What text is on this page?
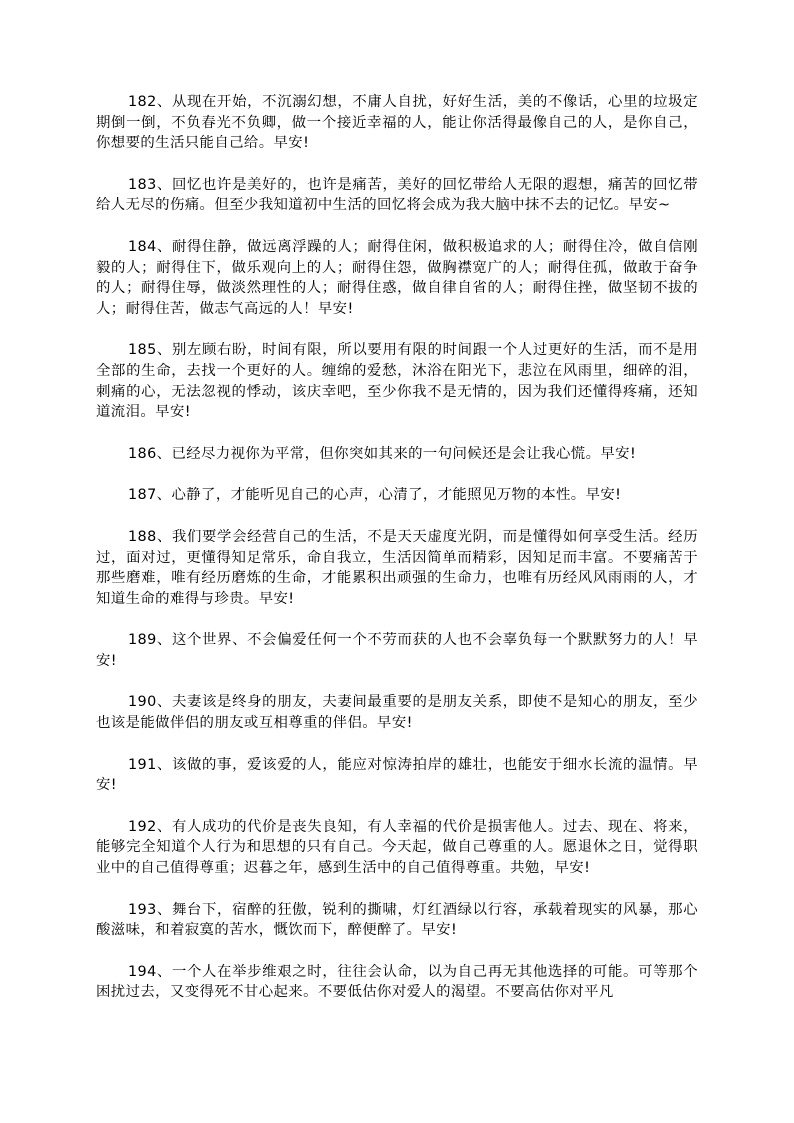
182、从现在开始，不沉溺幻想，不庸人自扰，好好生活，美的不像话，心里的垃圾定期倒一倒，不负春光不负卿，做一个接近幸福的人，能让你活得最像自己的人，是你自己，你想要的生活只能自己给。早安!

183、回忆也许是美好的，也许是痛苦，美好的回忆带给人无限的遐想，痛苦的回忆带给人无尽的伤痛。但至少我知道初中生活的回忆将会成为我大脑中抹不去的记忆。早安~

184、耐得住静，做远离浮躁的人；耐得住闲，做积极追求的人；耐得住冷，做自信刚毅的人；耐得住下，做乐观向上的人；耐得住怨，做胸襟宽广的人；耐得住孤，做敢于奋争的人；耐得住辱，做淡然理性的人；耐得住惑，做自律自省的人；耐得住挫，做坚韧不拔的人；耐得住苦，做志气高远的人！早安!

185、别左顾右盼，时间有限，所以要用有限的时间跟一个人过更好的生活，而不是用全部的生命，去找一个更好的人。缠绵的爱愁，沐浴在阳光下，悲泣在风雨里，细碎的泪，刺痛的心，无法忽视的悸动，该庆幸吧，至少你我不是无情的，因为我们还懂得疼痛，还知道流泪。早安!

186、已经尽力视你为平常，但你突如其来的一句问候还是会让我心慌。早安!

187、心静了，才能听见自己的心声，心清了，才能照见万物的本性。早安!

188、我们要学会经营自己的生活，不是天天虚度光阴，而是懂得如何享受生活。经历过，面对过，更懂得知足常乐，命自我立，生活因简单而精彩，因知足而丰富。不要痛苦于那些磨难，唯有经历磨炼的生命，才能累积出顽强的生命力，也唯有历经风风雨雨的人，才知道生命的难得与珍贵。早安!

189、这个世界、不会偏爱任何一个不劳而获的人也不会辜负每一个默默努力的人！早安!

190、夫妻该是终身的朋友，夫妻间最重要的是朋友关系，即使不是知心的朋友，至少也该是能做伴侣的朋友或互相尊重的伴侣。早安!

191、该做的事，爱该爱的人，能应对惊涛拍岸的雄壮，也能安于细水长流的温情。早安!

192、有人成功的代价是丧失良知，有人幸福的代价是损害他人。过去、现在、将来，能够完全知道个人行为和思想的只有自己。今天起，做自己尊重的人。愿退休之日，觉得职业中的自己值得尊重；迟暮之年，感到生活中的自己值得尊重。共勉，早安!

193、舞台下，宿醉的狂傲，锐利的撕啸，灯红酒绿以行容，承载着现实的风暴，那心酸滋味，和着寂寞的苦水，慨饮而下，醉便醉了。早安!

194、一个人在举步维艰之时，往往会认命，以为自己再无其他选择的可能。可等那个困扰过去，又变得死不甘心起来。不要低估你对爱人的渴望。不要高估你对平凡
